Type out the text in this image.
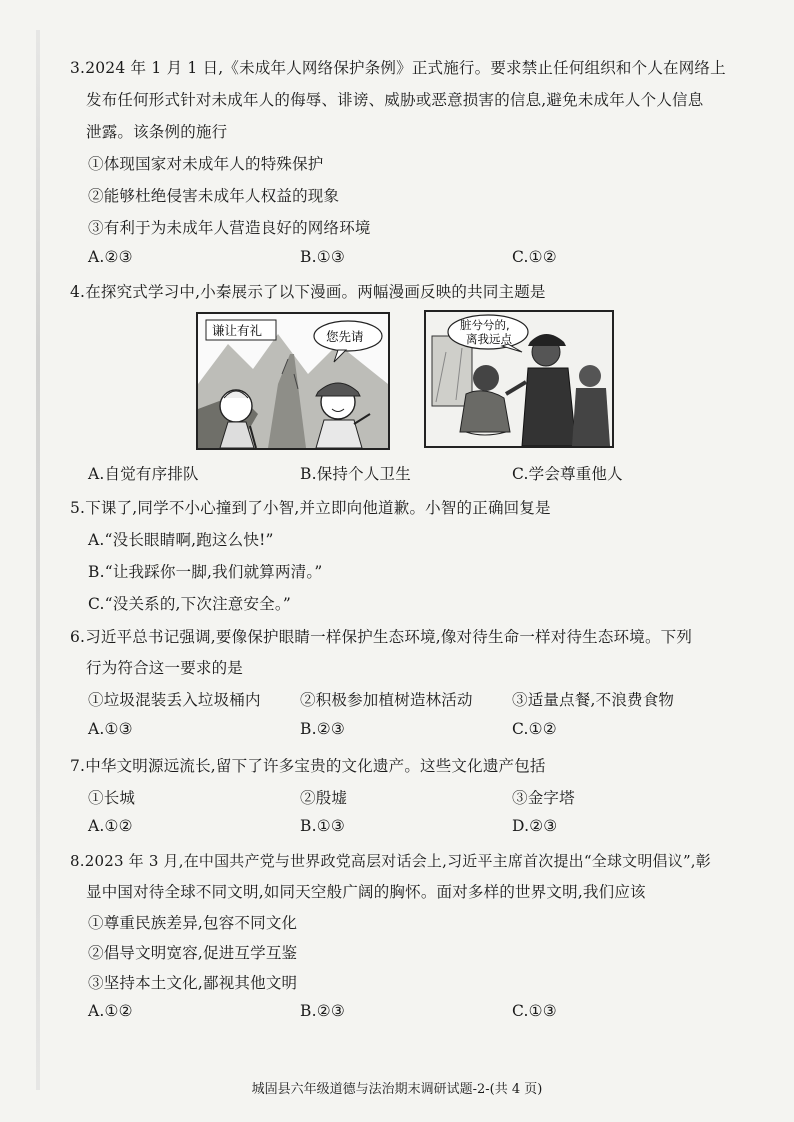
3.2024 年 1 月 1 日,《未成年人网络保护条例》正式施行。要求禁止任何组织和个人在网络上
发布任何形式针对未成年人的侮辱、诽谤、威胁或恶意损害的信息,避免未成年人个人信息
泄露。该条例的施行
①体现国家对未成年人的特殊保护
②能够杜绝侵害未成年人权益的现象
③有利于为未成年人营造良好的网络环境
A.②③	B.①③	C.①②
4.在探究式学习中,小秦展示了以下漫画。两幅漫画反映的共同主题是
谦让有礼	您先请
脏兮兮的,
离我远点
A.自觉有序排队	B.保持个人卫生	C.学会尊重他人
5.下课了,同学不小心撞到了小智,并立即向他道歉。小智的正确回复是
A.“没长眼睛啊,跑这么快!”
B.“让我踩你一脚,我们就算两清。”
C.“没关系的,下次注意安全。”
6.习近平总书记强调,要像保护眼睛一样保护生态环境,像对待生命一样对待生态环境。下列
行为符合这一要求的是
①垃圾混装丢入垃圾桶内	②积极参加植树造林活动	③适量点餐,不浪费食物
A.①③	B.②③	C.①②
7.中华文明源远流长,留下了许多宝贵的文化遗产。这些文化遗产包括
①长城	②殷墟	③金字塔
A.①②	B.①③	D.②③
8.2023 年 3 月,在中国共产党与世界政党高层对话会上,习近平主席首次提出“全球文明倡议”,彰
显中国对待全球不同文明,如同天空般广阔的胸怀。面对多样的世界文明,我们应该
①尊重民族差异,包容不同文化
②倡导文明宽容,促进互学互鉴
③坚持本土文化,鄙视其他文明
A.①②	B.②③	C.①③
城固县六年级道德与法治期末调研试题-2-(共 4 页)
